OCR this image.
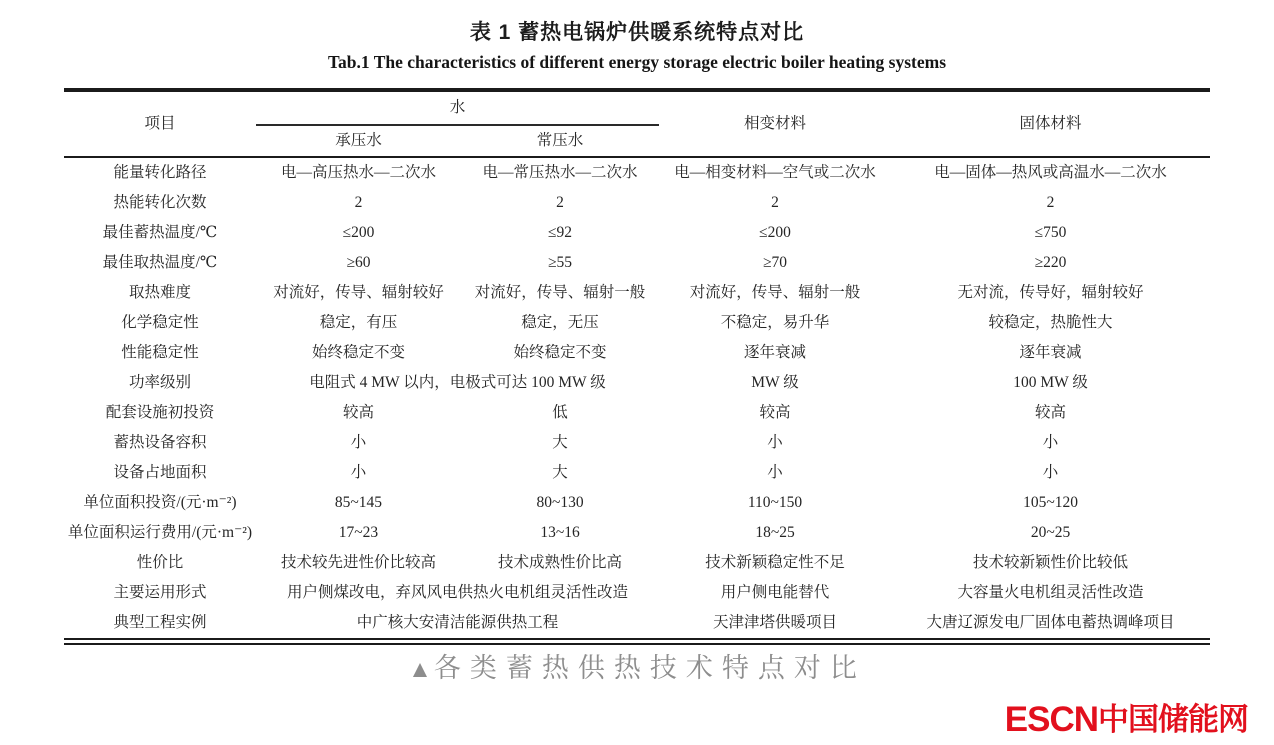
表 1 蓄热电锅炉供暖系统特点对比
Tab.1 The characteristics of different energy storage electric boiler heating systems
项目	水		相变材料	固体材料
	承压水	常压水		
能量转化路径	电—高压热水—二次水	电—常压热水—二次水	电—相变材料—空气或二次水	电—固体—热风或高温水—二次水
热能转化次数	2	2	2	2
最佳蓄热温度/℃	≤200	≤92	≤200	≤750
最佳取热温度/℃	≥60	≥55	≥70	≥220
取热难度	对流好，传导、辐射较好	对流好，传导、辐射一般	对流好，传导、辐射一般	无对流，传导好，辐射较好
化学稳定性	稳定，有压	稳定，无压	不稳定，易升华	较稳定，热脆性大
性能稳定性	始终稳定不变	始终稳定不变	逐年衰减	逐年衰减
功率级别	电阻式 4 MW 以内，电极式可达 100 MW 级		MW 级	100 MW 级
配套设施初投资	较高	低	较高	较高
蓄热设备容积	小	大	小	小
设备占地面积	小	大	小	小
单位面积投资/(元·m⁻²)	85~145	80~130	110~150	105~120
单位面积运行费用/(元·m⁻²)	17~23	13~16	18~25	20~25
性价比	技术较先进性价比较高	技术成熟性价比高	技术新颖稳定性不足	技术较新颖性价比较低
主要运用形式	用户侧煤改电，弃风风电供热火电机组灵活性改造		用户侧电能替代	大容量火电机组灵活性改造
典型工程实例	中广核大安清洁能源供热工程		天津津塔供暖项目	大唐辽源发电厂固体电蓄热调峰项目
▲各类蓄热供热技术特点对比
ESCN中国储能网
